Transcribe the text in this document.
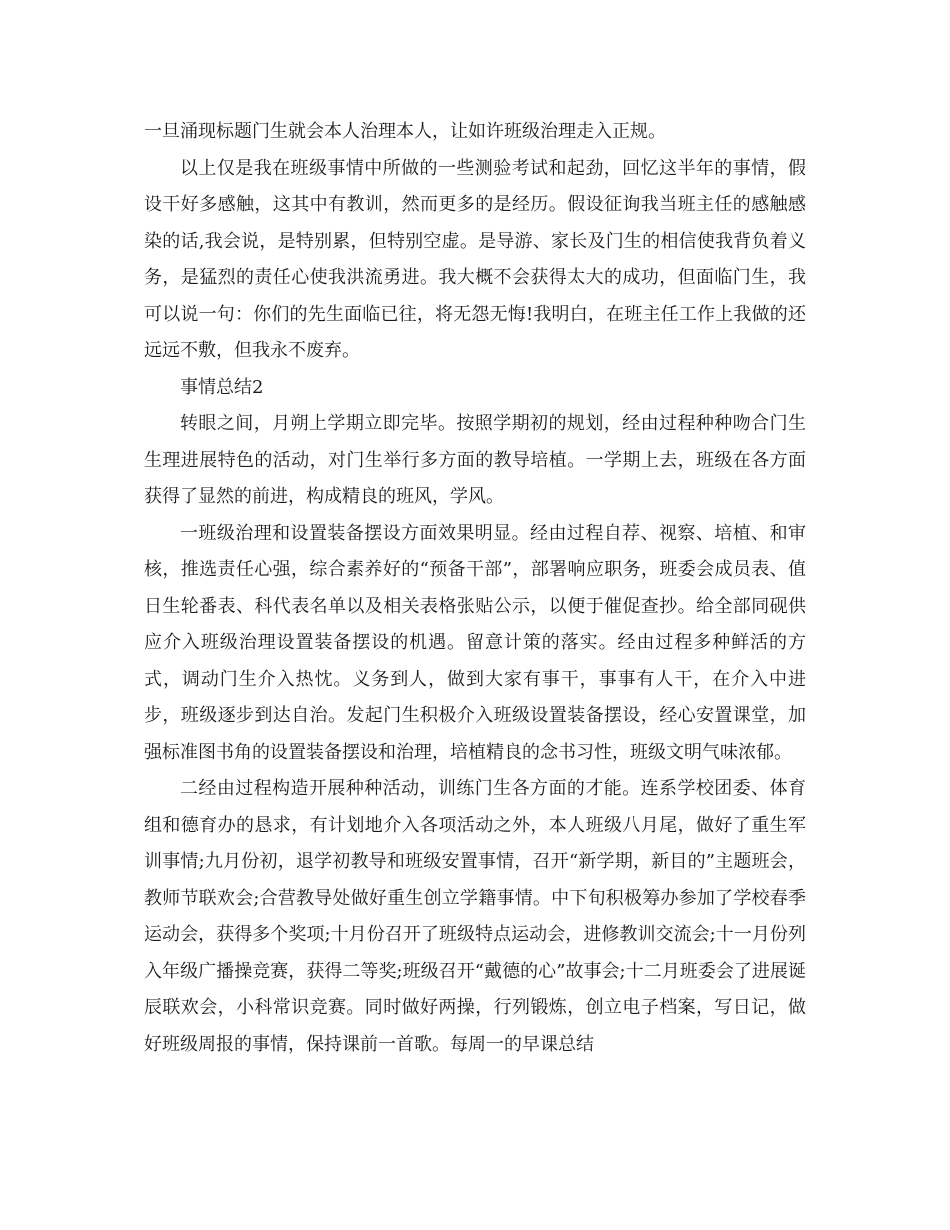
一旦涌现标题门生就会本人治理本人，让如许班级治理走入正规。

以上仅是我在班级事情中所做的一些测验考试和起劲，回忆这半年的事情，假设干好多感触，这其中有教训，然而更多的是经历。假设征询我当班主任的感触感染的话,我会说，是特别累，但特别空虚。是导游、家长及门生的相信使我背负着义务，是猛烈的责任心使我洪流勇进。我大概不会获得太大的成功，但面临门生，我可以说一句：你们的先生面临已往，将无怨无悔!我明白，在班主任工作上我做的还远远不敷，但我永不废弃。

事情总结2

转眼之间，月朔上学期立即完毕。按照学期初的规划，经由过程种种吻合门生生理进展特色的活动，对门生举行多方面的教导培植。一学期上去，班级在各方面获得了显然的前进，构成精良的班风，学风。

一班级治理和设置装备摆设方面效果明显。经由过程自荐、视察、培植、和审核，推选责任心强，综合素养好的“预备干部”，部署响应职务，班委会成员表、值日生轮番表、科代表名单以及相关表格张贴公示，以便于催促查抄。给全部同砚供应介入班级治理设置装备摆设的机遇。留意计策的落实。经由过程多种鲜活的方式，调动门生介入热忱。义务到人，做到大家有事干，事事有人干，在介入中进步，班级逐步到达自治。发起门生积极介入班级设置装备摆设，经心安置课堂，加强标准图书角的设置装备摆设和治理，培植精良的念书习性，班级文明气味浓郁。

二经由过程构造开展种种活动，训练门生各方面的才能。连系学校团委、体育组和德育办的恳求，有计划地介入各项活动之外，本人班级八月尾，做好了重生军训事情;九月份初，退学初教导和班级安置事情，召开“新学期，新目的”主题班会，教师节联欢会;合营教导处做好重生创立学籍事情。中下旬积极筹办参加了学校春季运动会，获得多个奖项;十月份召开了班级特点运动会，进修教训交流会;十一月份列入年级广播操竞赛，获得二等奖;班级召开“戴德的心”故事会;十二月班委会了进展诞辰联欢会，小科常识竞赛。同时做好两操，行列锻炼，创立电子档案，写日记，做好班级周报的事情，保持课前一首歌。每周一的早课总结
